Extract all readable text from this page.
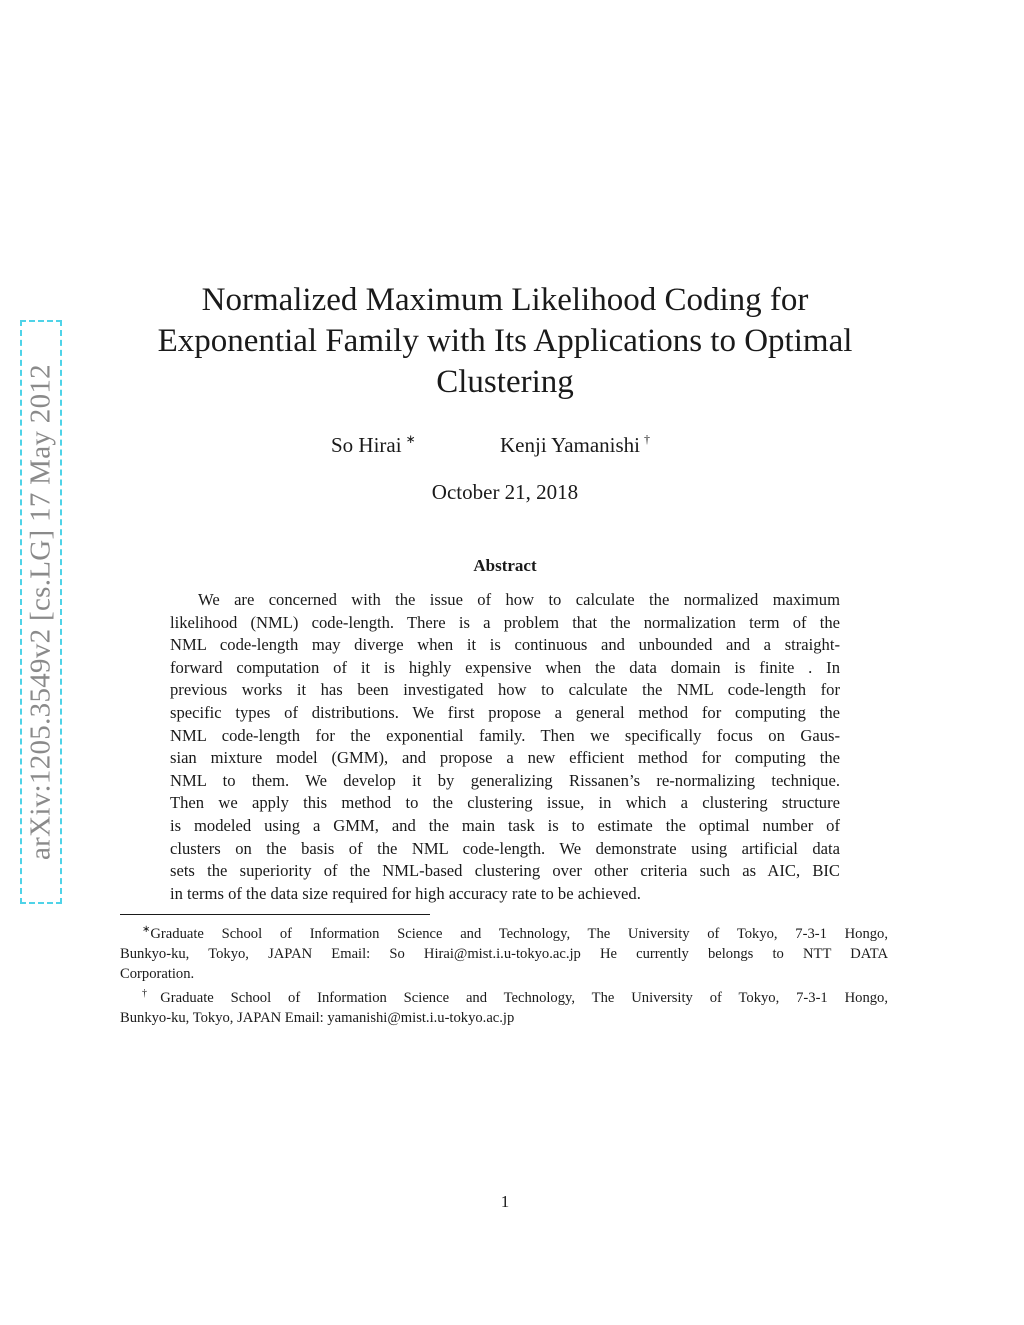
arXiv:1205.3549v2 [cs.LG] 17 May 2012
Normalized Maximum Likelihood Coding for
Exponential Family with Its Applications to Optimal
Clustering
So Hirai ∗	Kenji Yamanishi †
October 21, 2018
Abstract
We are concerned with the issue of how to calculate the normalized maximum
likelihood (NML) code-length. There is a problem that the normalization term of the
NML code-length may diverge when it is continuous and unbounded and a straight-
forward computation of it is highly expensive when the data domain is finite . In
previous works it has been investigated how to calculate the NML code-length for
specific types of distributions. We first propose a general method for computing the
NML code-length for the exponential family. Then we specifically focus on Gaus-
sian mixture model (GMM), and propose a new efficient method for computing the
NML to them. We develop it by generalizing Rissanen’s re-normalizing technique.
Then we apply this method to the clustering issue, in which a clustering structure
is modeled using a GMM, and the main task is to estimate the optimal number of
clusters on the basis of the NML code-length. We demonstrate using artificial data
sets the superiority of the NML-based clustering over other criteria such as AIC, BIC
in terms of the data size required for high accuracy rate to be achieved.
∗Graduate School of Information Science and Technology, The University of Tokyo, 7-3-1 Hongo,
Bunkyo-ku, Tokyo, JAPAN Email: So Hirai@mist.i.u-tokyo.ac.jp He currently belongs to NTT DATA
Corporation.
†Graduate School of Information Science and Technology, The University of Tokyo, 7-3-1 Hongo,
Bunkyo-ku, Tokyo, JAPAN Email: yamanishi@mist.i.u-tokyo.ac.jp
1
